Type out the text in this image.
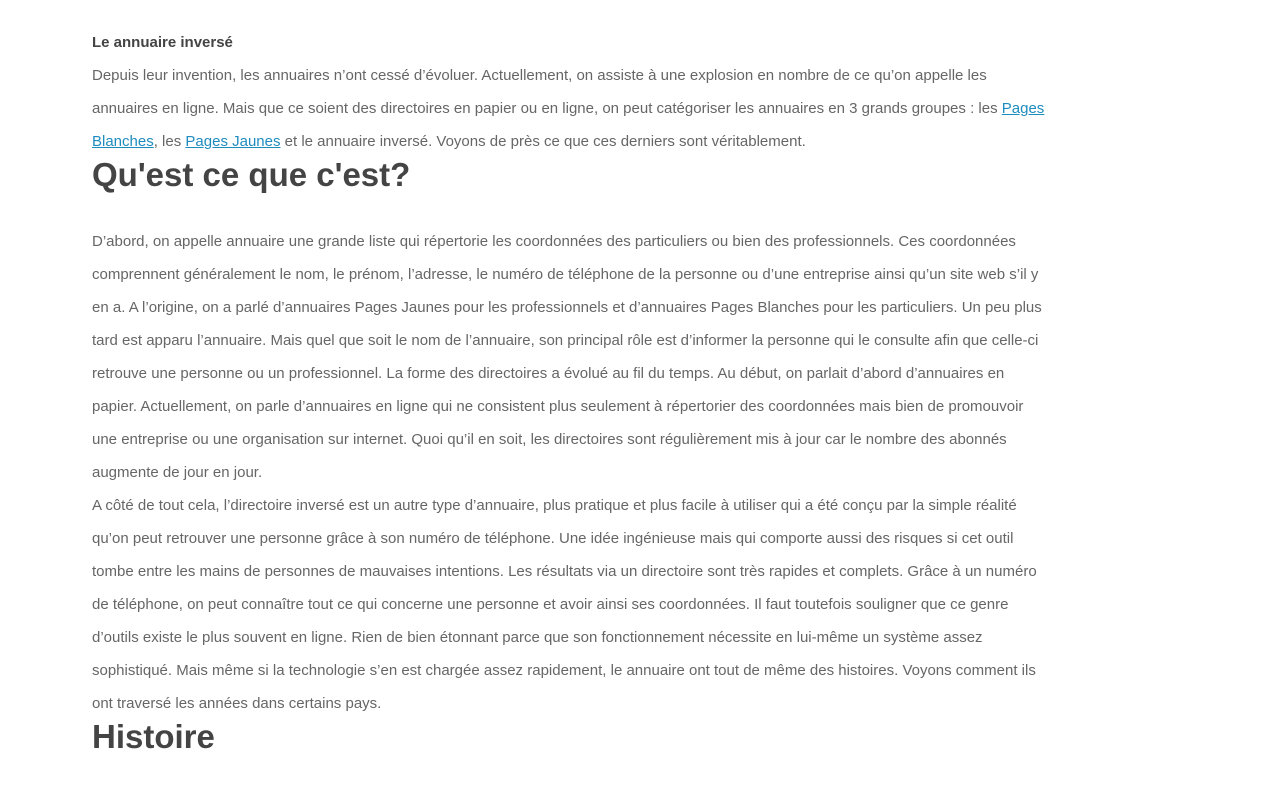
Le annuaire inversé

Depuis leur invention, les annuaires n’ont cessé d’évoluer. Actuellement, on assiste à une explosion en nombre de ce qu’on appelle les annuaires en ligne. Mais que ce soient des directoires en papier ou en ligne, on peut catégoriser les annuaires en 3 grands groupes : les Pages Blanches, les Pages Jaunes et le annuaire inversé. Voyons de près ce que ces derniers sont véritablement.

Qu'est ce que c'est?

D’abord, on appelle annuaire une grande liste qui répertorie les coordonnées des particuliers ou bien des professionnels. Ces coordonnées comprennent généralement le nom, le prénom, l’adresse, le numéro de téléphone de la personne ou d’une entreprise ainsi qu’un site web s’il y en a. A l’origine, on a parlé d’annuaires Pages Jaunes pour les professionnels et d’annuaires Pages Blanches pour les particuliers. Un peu plus tard est apparu l’annuaire. Mais quel que soit le nom de l’annuaire, son principal rôle est d’informer la personne qui le consulte afin que celle-ci retrouve une personne ou un professionnel. La forme des directoires a évolué au fil du temps. Au début, on parlait d’abord d’annuaires en papier. Actuellement, on parle d’annuaires en ligne qui ne consistent plus seulement à répertorier des coordonnées mais bien de promouvoir une entreprise ou une organisation sur internet. Quoi qu’il en soit, les directoires sont régulièrement mis à jour car le nombre des abonnés augmente de jour en jour.

A côté de tout cela, l’directoire inversé est un autre type d’annuaire, plus pratique et plus facile à utiliser qui a été conçu par la simple réalité qu’on peut retrouver une personne grâce à son numéro de téléphone. Une idée ingénieuse mais qui comporte aussi des risques si cet outil tombe entre les mains de personnes de mauvaises intentions. Les résultats via un directoire sont très rapides et complets. Grâce à un numéro de téléphone, on peut connaître tout ce qui concerne une personne et avoir ainsi ses coordonnées. Il faut toutefois souligner que ce genre d’outils existe le plus souvent en ligne. Rien de bien étonnant parce que son fonctionnement nécessite en lui-même un système assez sophistiqué. Mais même si la technologie s’en est chargée assez rapidement, le annuaire ont tout de même des histoires. Voyons comment ils ont traversé les années dans certains pays.

Histoire
